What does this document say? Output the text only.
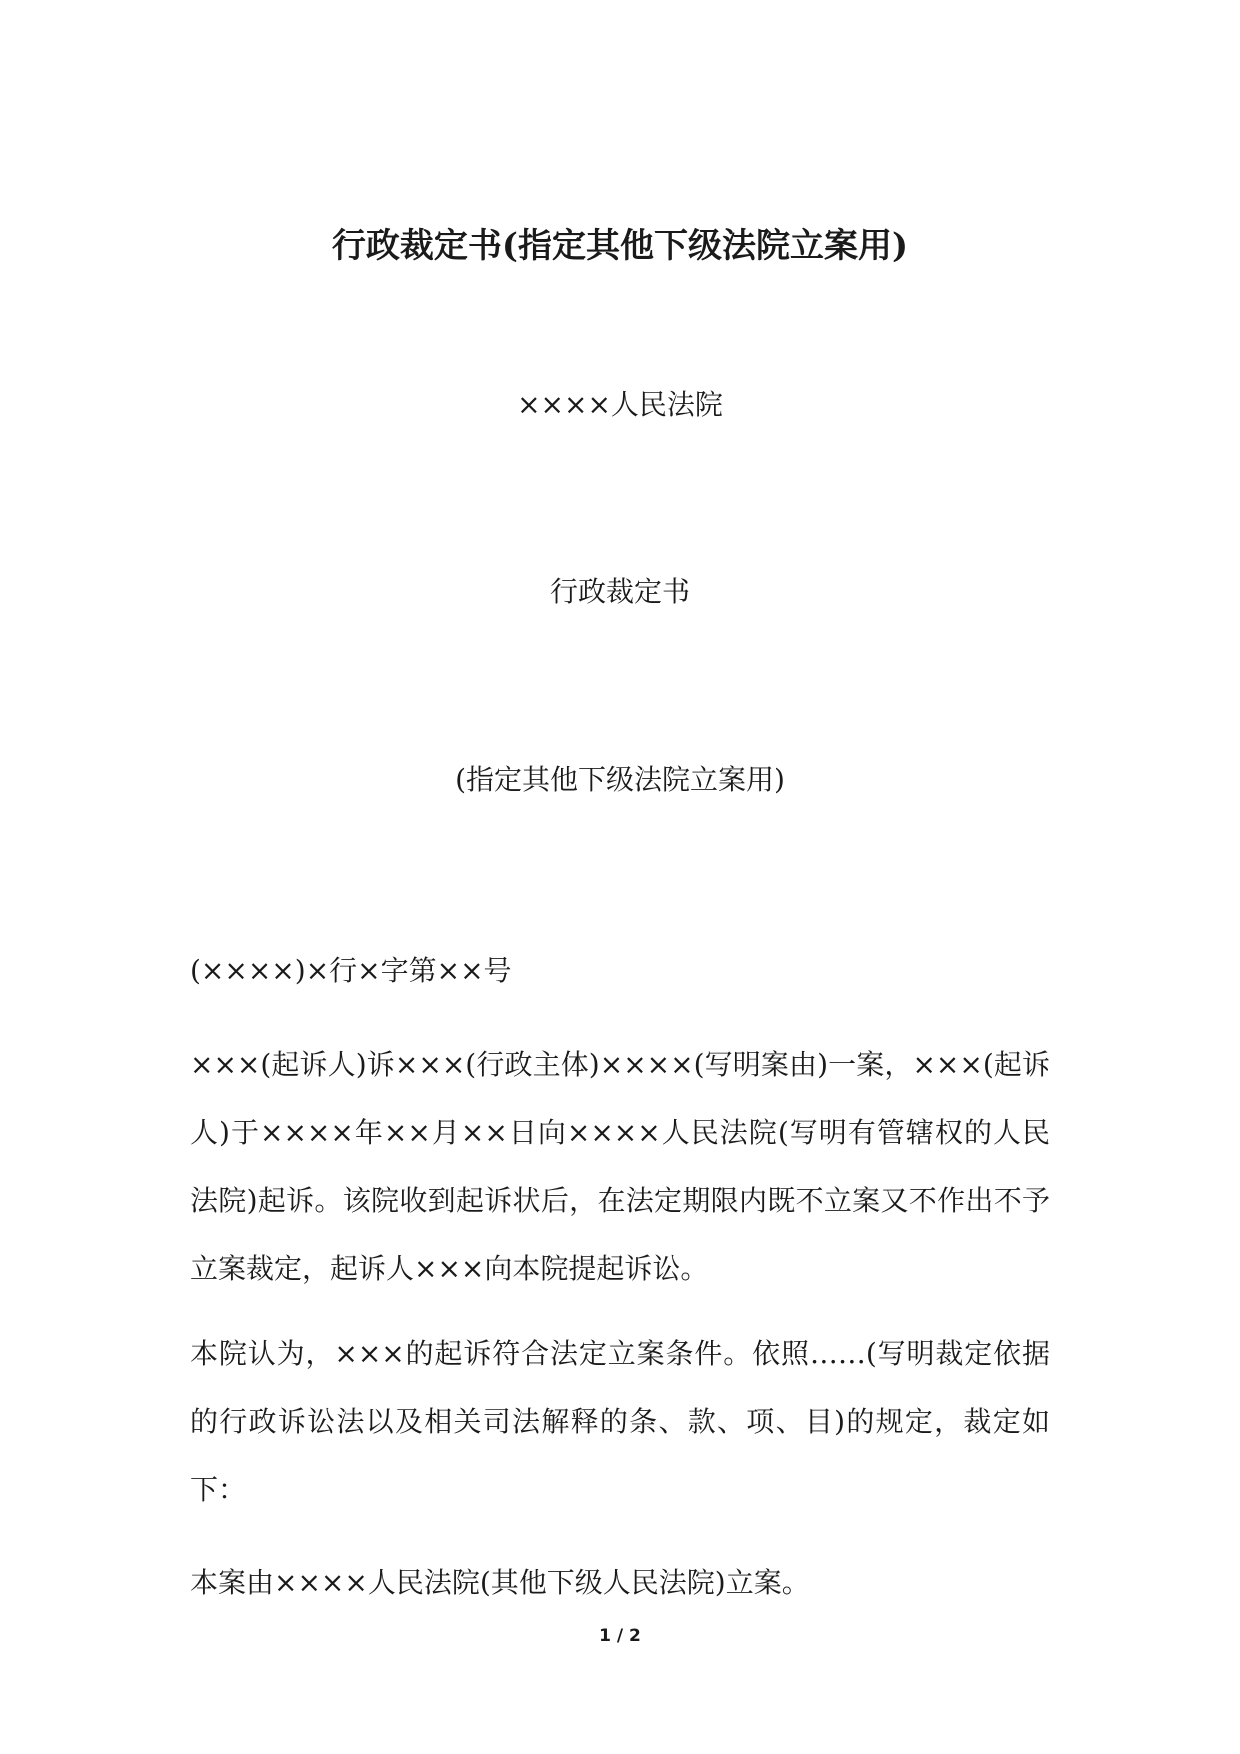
行政裁定书(指定其他下级法院立案用)

××××人民法院

行政裁定书

(指定其他下级法院立案用)

(××××)×行×字第××号

×××(起诉人)诉×××(行政主体)××××(写明案由)一案，×××(起诉人)于××××年××月××日向××××人民法院(写明有管辖权的人民法院)起诉。该院收到起诉状后，在法定期限内既不立案又不作出不予立案裁定，起诉人×××向本院提起诉讼。

本院认为，×××的起诉符合法定立案条件。依照……(写明裁定依据的行政诉讼法以及相关司法解释的条、款、项、目)的规定，裁定如下：

本案由××××人民法院(其他下级人民法院)立案。

1 / 2
